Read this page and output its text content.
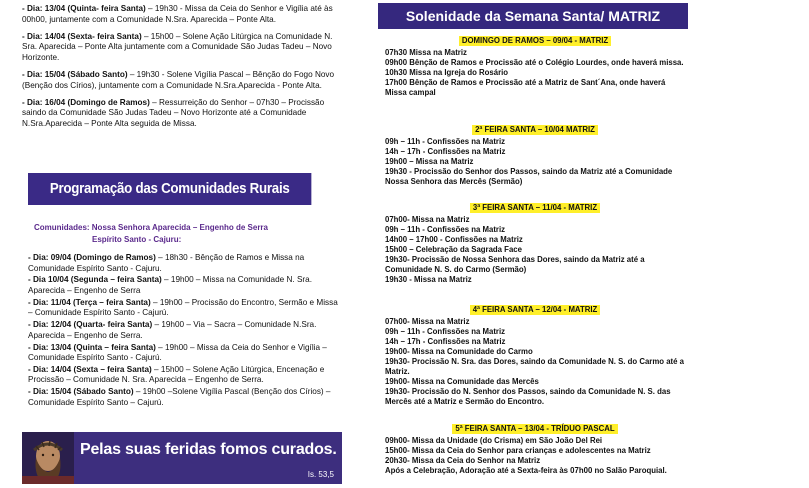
- Dia: 13/04 (Quinta- feira Santa) – 19h30 - Missa da Ceia do Senhor e Vigília até às 00h00, juntamente com a Comunidade N.Sra. Aparecida – Ponte Alta.
- Dia: 14/04 (Sexta- feira Santa) – 15h00 – Solene Ação Litúrgica na Comunidade N. Sra. Aparecida – Ponte Alta juntamente com a Comunidade São Judas Tadeu – Novo Horizonte.
- Dia: 15/04 (Sábado Santo) – 19h30 - Solene Vigília Pascal – Bênção do Fogo Novo (Benção dos Círios), juntamente com a Comunidade N.Sra.Aparecida - Ponte Alta.
- Dia: 16/04 (Domingo de Ramos) – Ressurreição do Senhor – 07h30 – Procissão saindo da Comunidade São Judas Tadeu – Novo Horizonte até a Comunidade N.Sra.Aparecida – Ponte Alta seguida de Missa.
Programação das Comunidades Rurais
Comunidades: Nossa Senhora Aparecida – Engenho de Serra
Espírito Santo - Cajuru:
- Dia: 09/04 (Domingo de Ramos) – 18h30 - Bênção de Ramos e Missa na Comunidade Espírito Santo - Cajuru.
- Dia 10/04 (Segunda – feira Santa) – 19h00 – Missa na Comunidade N. Sra. Aparecida – Engenho de Serra
- Dia: 11/04 (Terça – feira Santa) – 19h00 – Procissão do Encontro, Sermão e Missa – Comunidade Espírito Santo - Cajurú.
- Dia: 12/04 (Quarta- feira Santa) – 19h00 – Via – Sacra – Comunidade N.Sra. Aparecida – Engenho de Serra.
- Dia: 13/04 (Quinta – feira Santa) – 19h00 – Missa da Ceia do Senhor e Vigília – Comunidade Espírito Santo - Cajurú.
- Dia: 14/04 (Sexta – feira Santa) – 15h00 – Solene Ação Litúrgica, Encenação e Procissão – Comunidade N. Sra. Aparecida – Engenho de Serra.
- Dia: 15/04 (Sábado Santo) – 19h00 –Solene Vigília Pascal (Benção dos Círios) – Comunidade Espírito Santo – Cajurú.
Pelas suas feridas fomos curados.
Is. 53,5
Solenidade da Semana Santa/ MATRIZ
DOMINGO DE RAMOS – 09/04 - MATRIZ
07h30 Missa na Matriz
09h00 Bênção de Ramos e Procissão até o Colégio Lourdes, onde haverá missa.
10h30 Missa na Igreja do Rosário
17h00 Bênção de Ramos e Procissão até a Matriz de Sant´Ana, onde haverá Missa campal
2ª FEIRA SANTA – 10/04 MATRIZ
09h – 11h - Confissões na Matriz
14h – 17h - Confissões na Matriz
19h00 – Missa na Matriz
19h30 - Procissão do Senhor dos Passos, saindo da Matriz até a Comunidade Nossa Senhora das Mercês (Sermão)
3ª FEIRA SANTA – 11/04 - MATRIZ
07h00- Missa na Matriz
09h – 11h - Confissões na Matriz
14h00 – 17h00 - Confissões na Matriz
15h00 – Celebração da Sagrada Face
19h30- Procissão de Nossa Senhora das Dores, saindo da Matriz até a Comunidade N. S. do Carmo (Sermão)
19h30 - Missa na Matriz
4ª FEIRA SANTA – 12/04 - MATRIZ
07h00- Missa na Matriz
09h – 11h - Confissões na Matriz
14h – 17h - Confissões na Matriz
19h00- Missa na Comunidade do Carmo
19h30- Procissão N. Sra. das Dores, saindo da Comunidade N. S. do Carmo até a Matriz.
19h00- Missa na Comunidade das Mercês
19h30- Procissão do N. Senhor dos Passos, saindo da Comunidade N. S. das Mercês até a Matriz e Sermão do Encontro.
5ª FEIRA SANTA – 13/04 - TRÍDUO PASCAL
09h00- Missa da Unidade (do Crisma) em São João Del Rei
15h00- Missa da Ceia do Senhor para crianças e adolescentes na Matriz
20h30- Missa da Ceia do Senhor na Matriz
Após a Celebração, Adoração até a Sexta-feira às 07h00 no Salão Paroquial.
